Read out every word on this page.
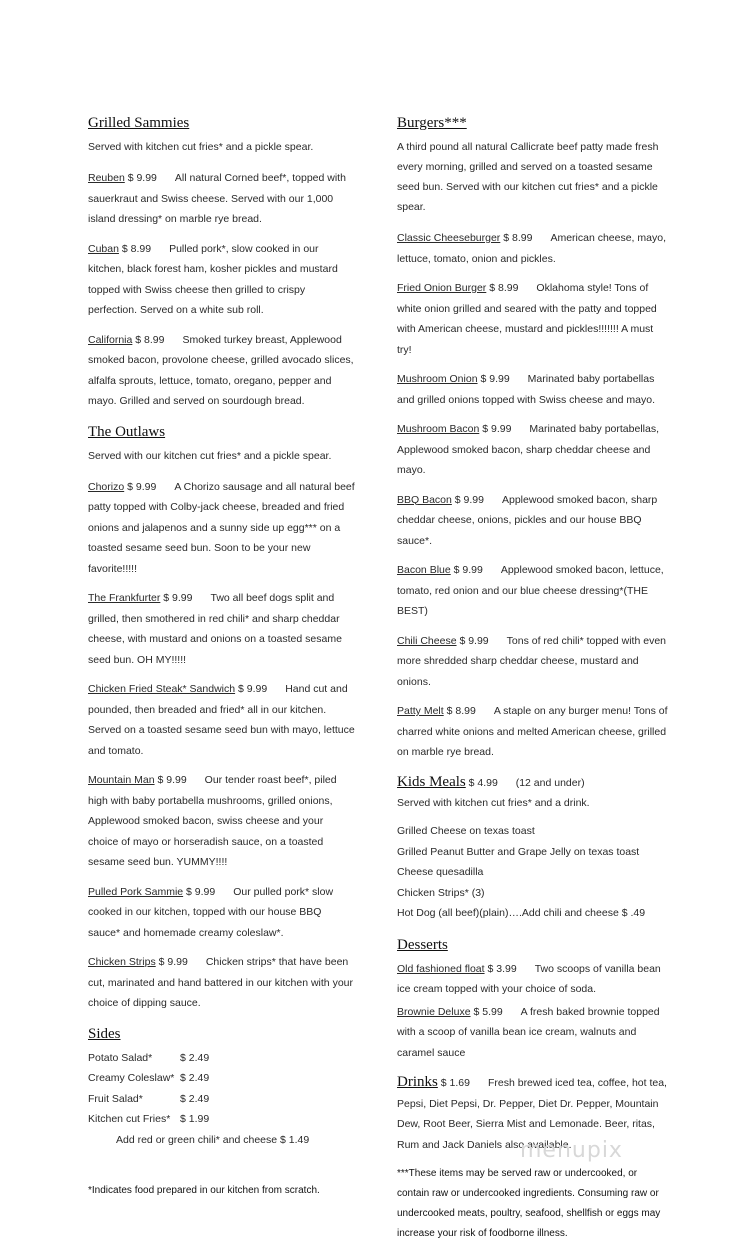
Grilled Sammies
Served with kitchen cut fries* and a pickle spear.
Reuben $ 9.99 All natural Corned beef*, topped with sauerkraut and Swiss cheese. Served with our 1,000 island dressing* on marble rye bread.
Cuban $ 8.99 Pulled pork*, slow cooked in our kitchen, black forest ham, kosher pickles and mustard topped with Swiss cheese then grilled to crispy perfection. Served on a white sub roll.
California $ 8.99 Smoked turkey breast, Applewood smoked bacon, provolone cheese, grilled avocado slices, alfalfa sprouts, lettuce, tomato, oregano, pepper and mayo. Grilled and served on sourdough bread.
The Outlaws
Served with our kitchen cut fries* and a pickle spear.
Chorizo $ 9.99 A Chorizo sausage and all natural beef patty topped with Colby-jack cheese, breaded and fried onions and jalapenos and a sunny side up egg*** on a toasted sesame seed bun. Soon to be your new favorite!!!!!
The Frankfurter $ 9.99 Two all beef dogs split and grilled, then smothered in red chili* and sharp cheddar cheese, with mustard and onions on a toasted sesame seed bun. OH MY!!!!!
Chicken Fried Steak* Sandwich $ 9.99 Hand cut and pounded, then breaded and fried* all in our kitchen. Served on a toasted sesame seed bun with mayo, lettuce and tomato.
Mountain Man $ 9.99 Our tender roast beef*, piled high with baby portabella mushrooms, grilled onions, Applewood smoked bacon, swiss cheese and your choice of mayo or horseradish sauce, on a toasted sesame seed bun. YUMMY!!!!
Pulled Pork Sammie $ 9.99 Our pulled pork* slow cooked in our kitchen, topped with our house BBQ sauce* and homemade creamy coleslaw*.
Chicken Strips $ 9.99 Chicken strips* that have been cut, marinated and hand battered in our kitchen with your choice of dipping sauce.
Sides
Potato Salad*	$ 2.49
Creamy Coleslaw* $ 2.49
Fruit Salad*	$ 2.49
Kitchen cut Fries* $ 1.99
Add red or green chili* and cheese $ 1.49
*Indicates food prepared in our kitchen from scratch.
Burgers***
A third pound all natural Callicrate beef patty made fresh every morning, grilled and served on a toasted sesame seed bun. Served with our kitchen cut fries* and a pickle spear.
Classic Cheeseburger $ 8.99 American cheese, mayo, lettuce, tomato, onion and pickles.
Fried Onion Burger $ 8.99 Oklahoma style! Tons of white onion grilled and seared with the patty and topped with American cheese, mustard and pickles!!!!!!! A must try!
Mushroom Onion $ 9.99 Marinated baby portabellas and grilled onions topped with Swiss cheese and mayo.
Mushroom Bacon $ 9.99 Marinated baby portabellas, Applewood smoked bacon, sharp cheddar cheese and mayo.
BBQ Bacon $ 9.99 Applewood smoked bacon, sharp cheddar cheese, onions, pickles and our house BBQ sauce*.
Bacon Blue $ 9.99 Applewood smoked bacon, lettuce, tomato, red onion and our blue cheese dressing*(THE BEST)
Chili Cheese $ 9.99 Tons of red chili* topped with even more shredded sharp cheddar cheese, mustard and onions.
Patty Melt $ 8.99 A staple on any burger menu! Tons of charred white onions and melted American cheese, grilled on marble rye bread.
Kids Meals $ 4.99 (12 and under)
Served with kitchen cut fries* and a drink.
Grilled Cheese on texas toast
Grilled Peanut Butter and Grape Jelly on texas toast
Cheese quesadilla
Chicken Strips* (3)
Hot Dog (all beef)(plain)….Add chili and cheese $ .49
Desserts
Old fashioned float $ 3.99 Two scoops of vanilla bean ice cream topped with your choice of soda.
Brownie Deluxe $ 5.99 A fresh baked brownie topped with a scoop of vanilla bean ice cream, walnuts and caramel sauce
Drinks $ 1.69 Fresh brewed iced tea, coffee, hot tea, Pepsi, Diet Pepsi, Dr. Pepper, Diet Dr. Pepper, Mountain Dew, Root Beer, Sierra Mist and Lemonade. Beer, ritas, Rum and Jack Daniels also available.
***These items may be served raw or undercooked, or contain raw or undercooked ingredients. Consuming raw or undercooked meats, poultry, seafood, shellfish or eggs may increase your risk of foodborne illness.
menupix
